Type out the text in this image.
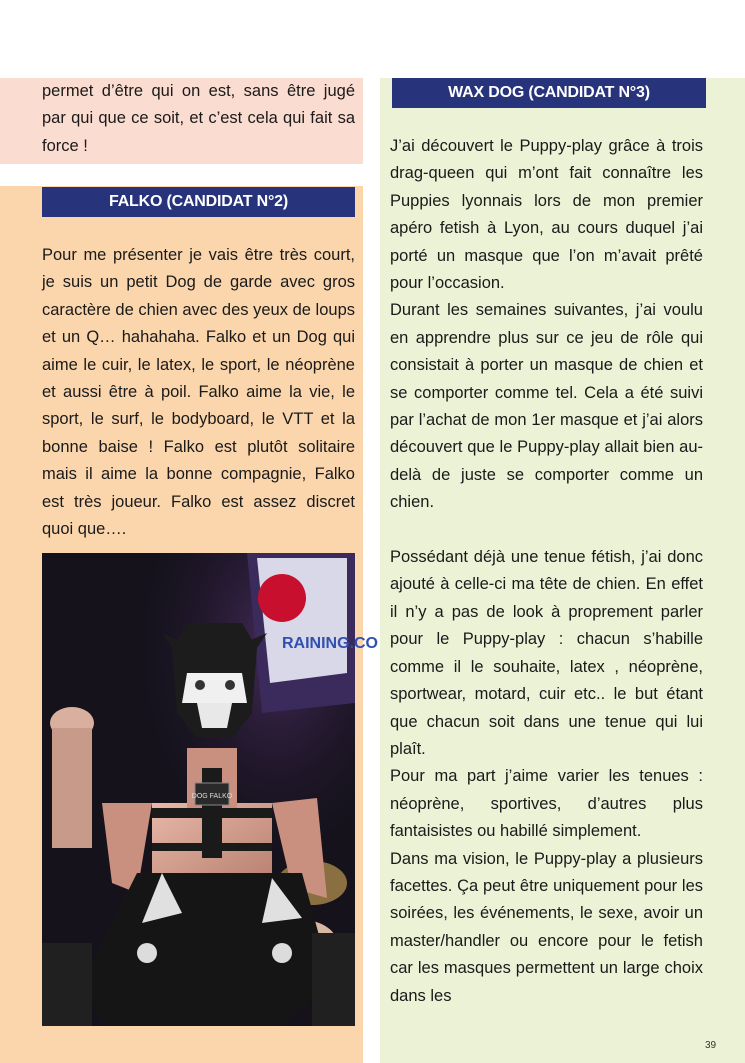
permet d’être qui on est, sans être jugé par qui que ce soit, et c’est cela qui fait sa force !

FALKO (CANDIDAT N°2)

Pour me présenter je vais être très court, je suis un petit Dog de garde avec gros caractère de chien avec des yeux de loups et un Q… hahahaha. Falko et un Dog qui aime le cuir, le latex, le sport, le néoprène et aussi être à poil. Falko aime la vie, le sport, le surf, le bodyboard, le VTT et la bonne baise ! Falko est plutôt solitaire mais il aime la bonne compagnie, Falko est très joueur. Falko est assez discret quoi que….

RAINING.CO
DOG FALKO
WAX DOG (CANDIDAT N°3)

J’ai découvert le Puppy-play grâce à trois drag-queen qui m’ont fait connaître les Puppies lyonnais lors de mon premier apéro fetish à Lyon, au cours duquel j’ai porté un masque que l’on m’avait prêté pour l’occasion.

Durant les semaines suivantes, j’ai voulu en apprendre plus sur ce jeu de rôle qui consistait à porter un masque de chien et se comporter comme tel. Cela a été suivi par l’achat de mon 1er masque et j’ai alors découvert que le Puppy-play allait bien au-delà de juste se comporter comme un chien.

Possédant déjà une tenue fétish, j’ai donc ajouté à celle-ci ma tête de chien. En effet il n’y a pas de look à proprement parler pour le Puppy-play : chacun s’habille comme il le souhaite, latex , néoprène, sportwear, motard, cuir etc.. le but étant que chacun soit dans une tenue qui lui plaît.

Pour ma part j’aime varier les tenues : néoprène, sportives, d’autres plus fantaisistes ou habillé simplement.

Dans ma vision, le Puppy-play a plusieurs facettes. Ça peut être uniquement pour les soirées, les événements, le sexe, avoir un master/handler ou encore pour le fetish car les masques permettent un large choix dans les

39
